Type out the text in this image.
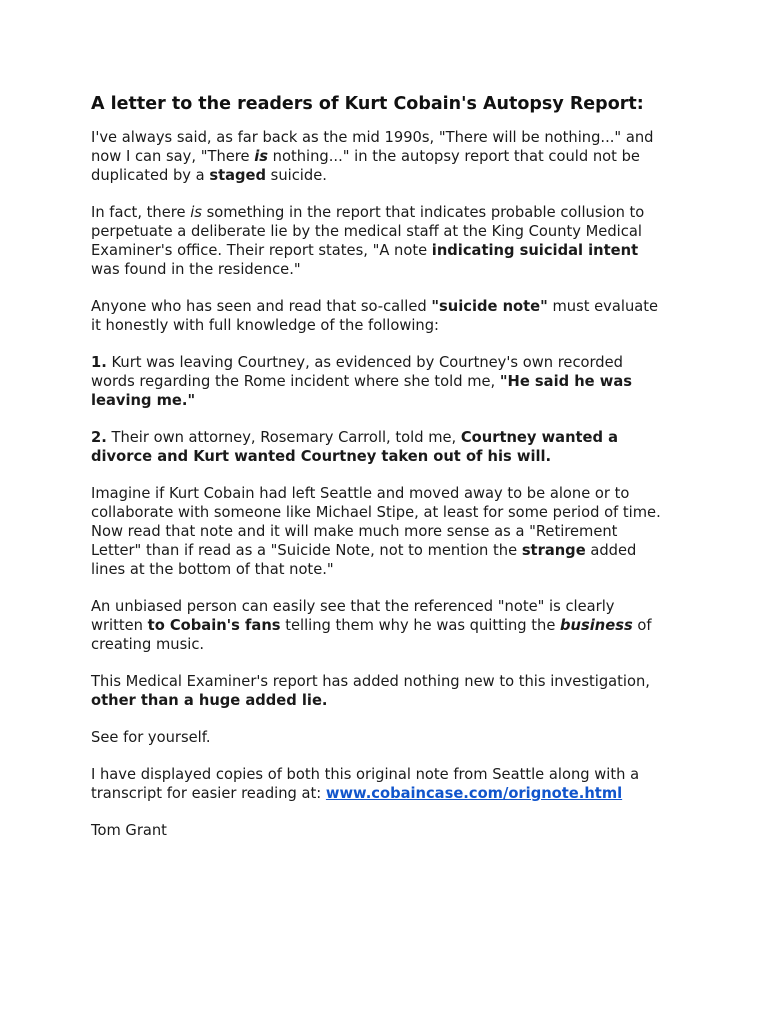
A letter to the readers of Kurt Cobain's Autopsy Report:

I've always said, as far back as the mid 1990s, "There will be nothing..." and
now I can say, "There is nothing..." in the autopsy report that could not be
duplicated by a staged suicide.

In fact, there is something in the report that indicates probable collusion to
perpetuate a deliberate lie by the medical staff at the King County Medical
Examiner's office. Their report states, "A note indicating suicidal intent
was found in the residence."

Anyone who has seen and read that so-called "suicide note" must evaluate
it honestly with full knowledge of the following:

1. Kurt was leaving Courtney, as evidenced by Courtney's own recorded
words regarding the Rome incident where she told me, "He said he was
leaving me."

2. Their own attorney, Rosemary Carroll, told me, Courtney wanted a
divorce and Kurt wanted Courtney taken out of his will.

Imagine if Kurt Cobain had left Seattle and moved away to be alone or to
collaborate with someone like Michael Stipe, at least for some period of time.
Now read that note and it will make much more sense as a "Retirement
Letter" than if read as a "Suicide Note, not to mention the strange added
lines at the bottom of that note."

An unbiased person can easily see that the referenced "note" is clearly
written to Cobain's fans telling them why he was quitting the business of
creating music.

This Medical Examiner's report has added nothing new to this investigation,
other than a huge added lie.

See for yourself.

I have displayed copies of both this original note from Seattle along with a
transcript for easier reading at: www.cobaincase.com/orignote.html

Tom Grant
